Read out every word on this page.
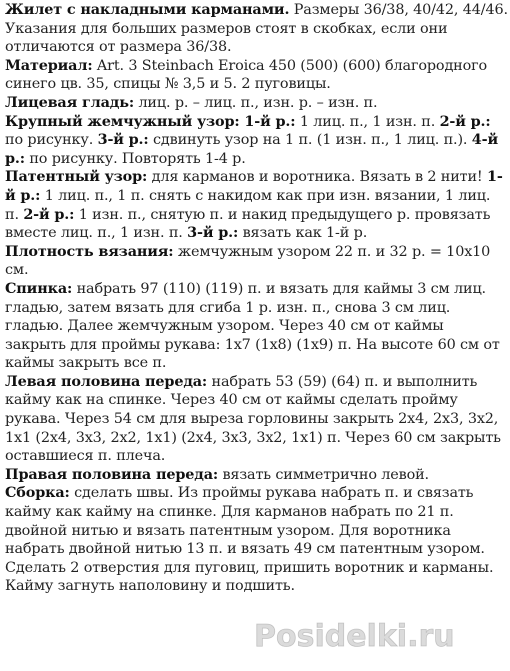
Жилет с накладными карманами. Размеры 36/38, 40/42, 44/46. Указания для больших размеров стоят в скобках, если они отличаются от размера 36/38.

Материал: Art. 3 Steinbach Eroica 450 (500) (600) благородного синего цв. 35, спицы № 3,5 и 5. 2 пуговицы.

Лицевая гладь: лиц. р. – лиц. п., изн. р. – изн. п.

Крупный жемчужный узор: 1-й р.: 1 лиц. п., 1 изн. п. 2-й р.: по рисунку. 3-й р.: сдвинуть узор на 1 п. (1 изн. п., 1 лиц. п.). 4-й р.: по рисунку. Повторять 1-4 р.

Патентный узор: для карманов и воротника. Вязать в 2 нити! 1-й р.: 1 лиц. п., 1 п. снять с накидом как при изн. вязании, 1 лиц. п. 2-й р.: 1 изн. п., снятую п. и накид предыдущего р. провязать вместе лиц. п., 1 изн. п. 3-й р.: вязать как 1-й р.

Плотность вязания: жемчужным узором 22 п. и 32 р. = 10х10 см.

Спинка: набрать 97 (110) (119) п. и вязать для каймы 3 см лиц. гладью, затем вязать для сгиба 1 р. изн. п., снова 3 см лиц. гладью. Далее жемчужным узором. Через 40 см от каймы закрыть для проймы рукава: 1x7 (1x8) (1x9) п. На высоте 60 см от каймы закрыть все п.

Левая половина переда: набрать 53 (59) (64) п. и выполнить кайму как на спинке. Через 40 см от каймы сделать пройму рукава. Через 54 см для выреза горловины закрыть 2x4, 2x3, 3x2, 1x1 (2x4, 3x3, 2x2, 1x1) (2x4, 3x3, 3x2, 1x1) п. Через 60 см закрыть оставшиеся п. плеча.

Правая половина переда: вязать симметрично левой.

Сборка: сделать швы. Из проймы рукава набрать п. и связать кайму как кайму на спинке. Для карманов набрать по 21 п. двойной нитью и вязать патентным узором. Для воротника набрать двойной нитью 13 п. и вязать 49 см патентным узором. Сделать 2 отверстия для пуговиц, пришить воротник и карманы. Кайму загнуть наполовину и подшить.

Posidelki.ru
